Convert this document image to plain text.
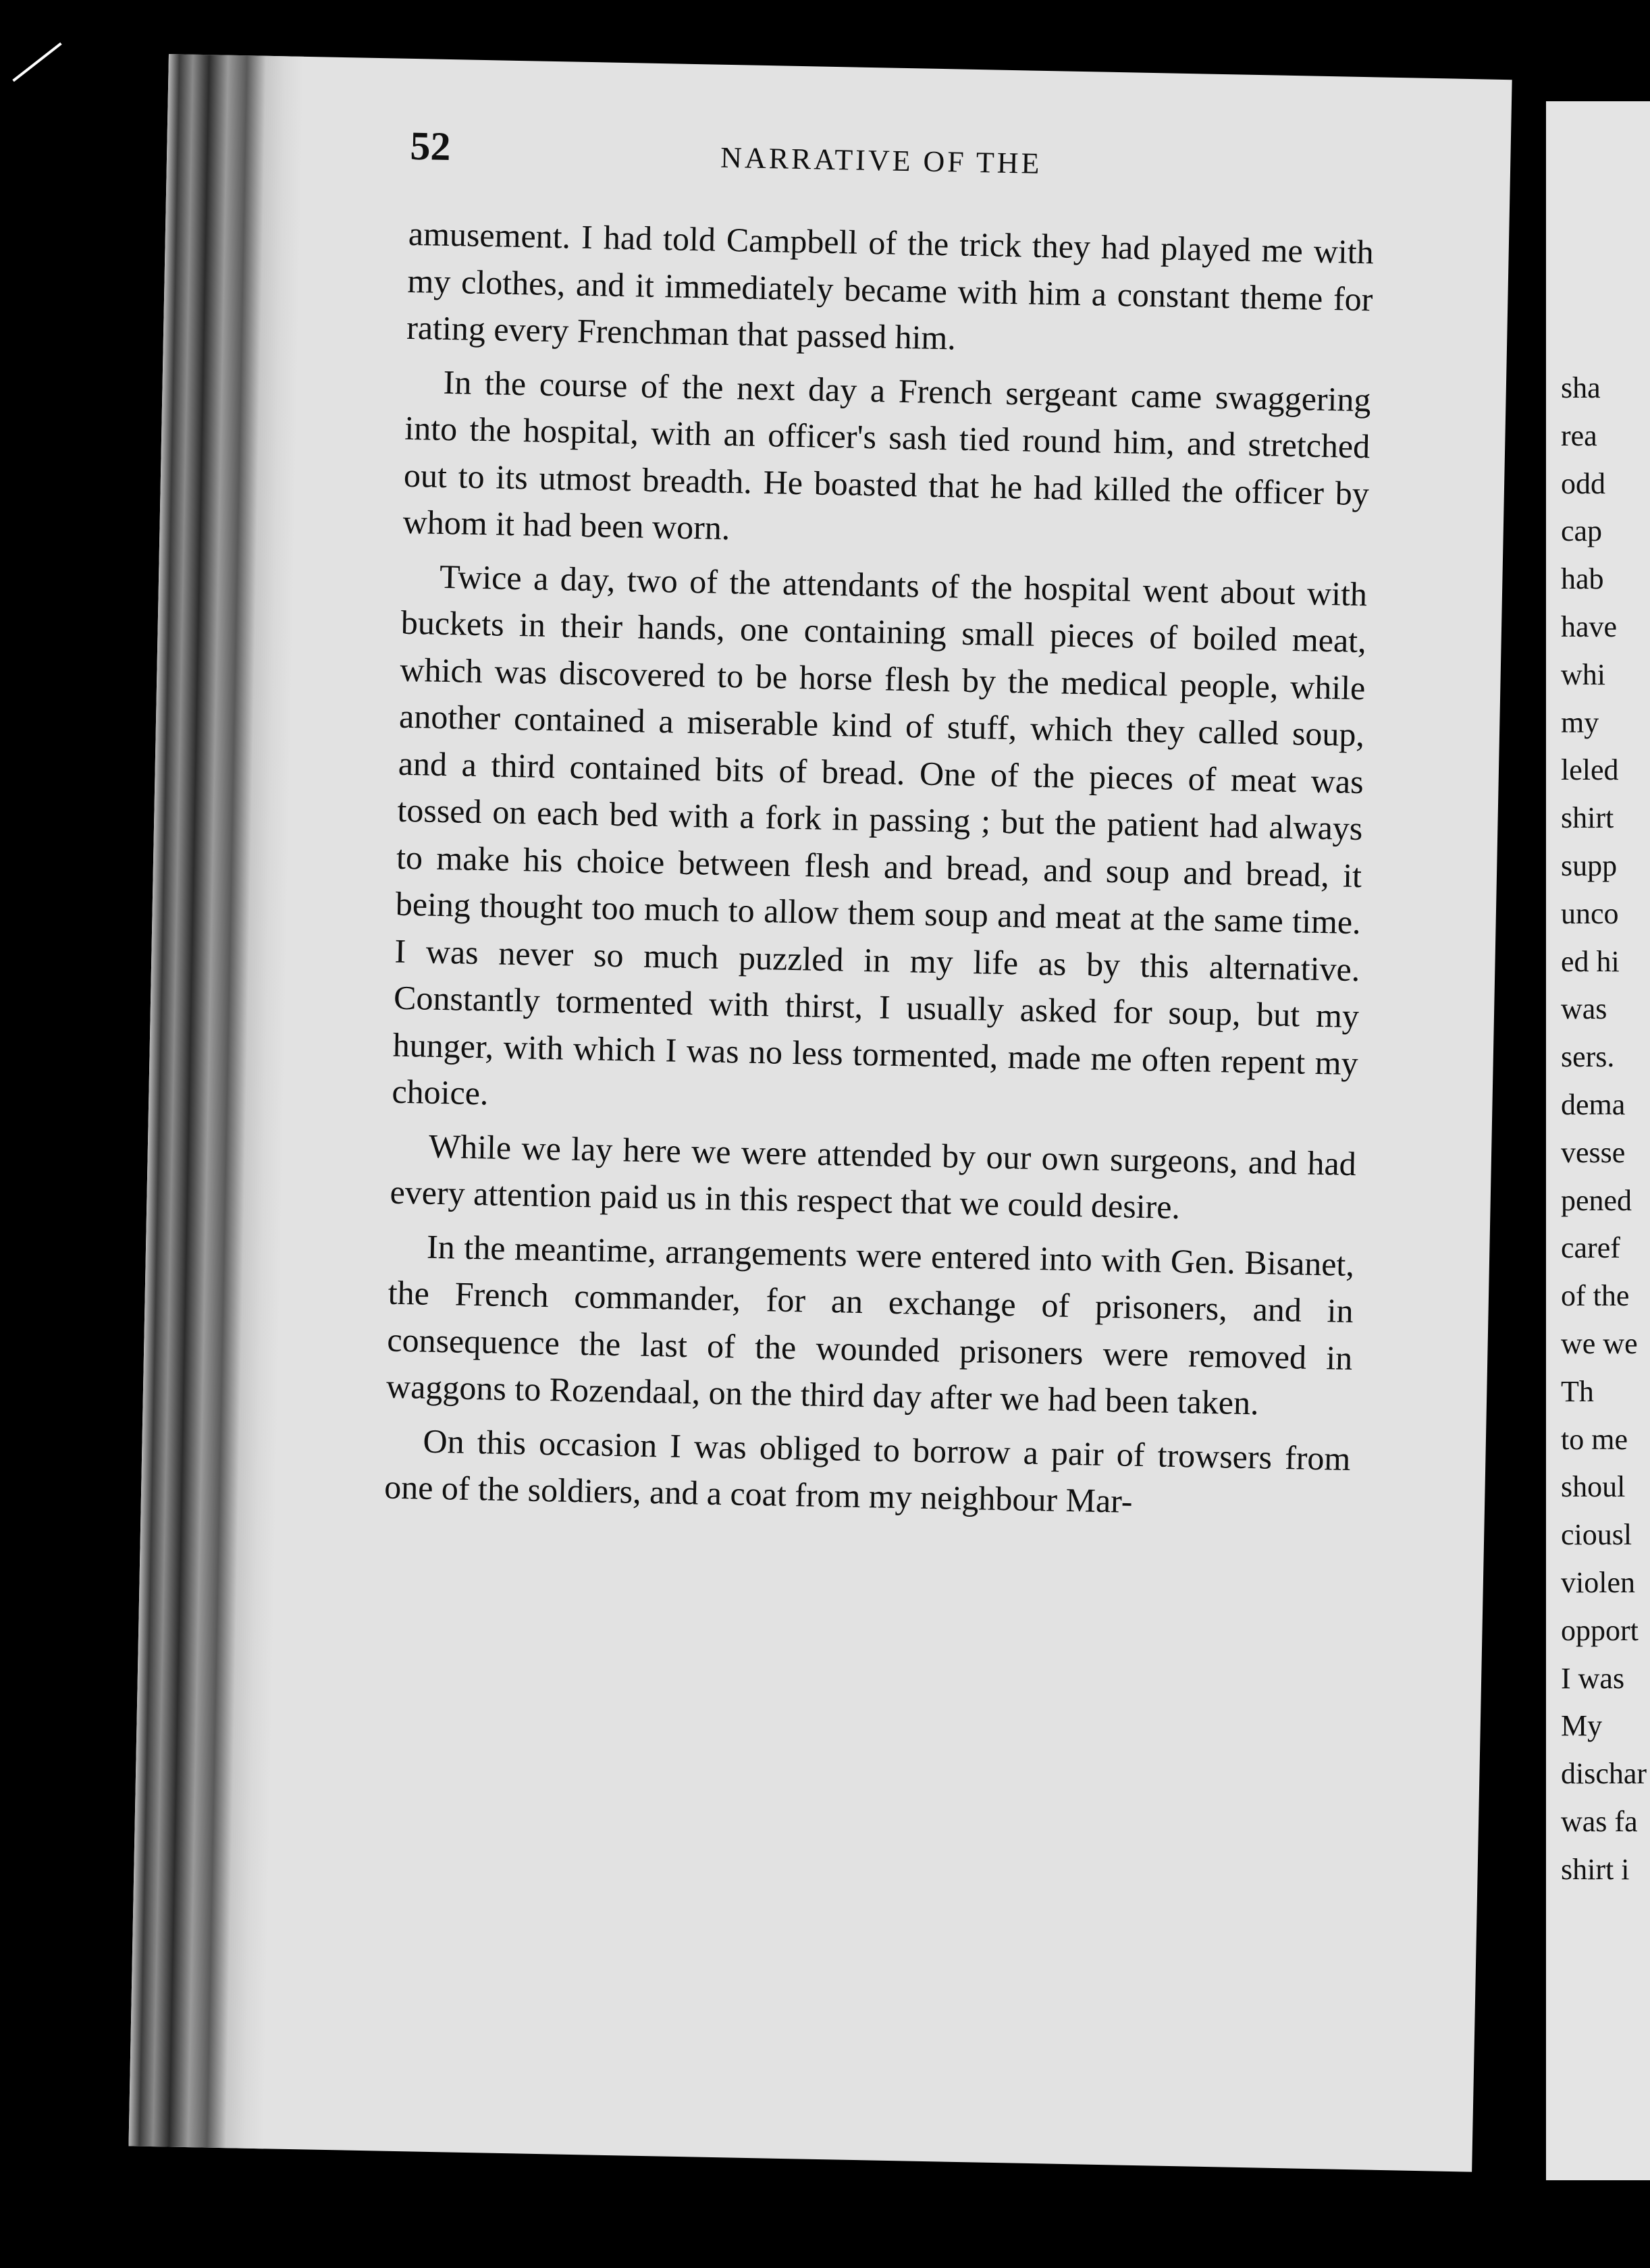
52	NARRATIVE OF THE

amusement. I had told Campbell of the trick they had played me with my clothes, and it immediately became with him a constant theme for rating every Frenchman that passed him.

In the course of the next day a French sergeant came swaggering into the hospital, with an officer's sash tied round him, and stretched out to its utmost breadth. He boasted that he had killed the officer by whom it had been worn.

Twice a day, two of the attendants of the hospital went about with buckets in their hands, one containing small pieces of boiled meat, which was discovered to be horse flesh by the medical people, while another contained a miserable kind of stuff, which they called soup, and a third contained bits of bread. One of the pieces of meat was tossed on each bed with a fork in passing ; but the patient had always to make his choice between flesh and bread, and soup and bread, it being thought too much to allow them soup and meat at the same time. I was never so much puzzled in my life as by this alternative. Constantly tormented with thirst, I usually asked for soup, but my hunger, with which I was no less tormented, made me often repent my choice.

While we lay here we were attended by our own surgeons, and had every attention paid us in this respect that we could desire.

In the meantime, arrangements were entered into with Gen. Bisanet, the French commander, for an exchange of prisoners, and in consequence the last of the wounded prisoners were removed in waggons to Rozendaal, on the third day after we had been taken.

On this occasion I was obliged to borrow a pair of trowsers from one of the soldiers, and a coat from my neighbour Mar-

sha
rea
odd
cap
hab
have
whi
my
leled
shirt
supp
unco
ed hi
was
sers.
dema
vesse
pened
caref
of the
we we
Th
to me
shoul
ciousl
violen
opport
I was
My
dischar
was fa
shirt i
